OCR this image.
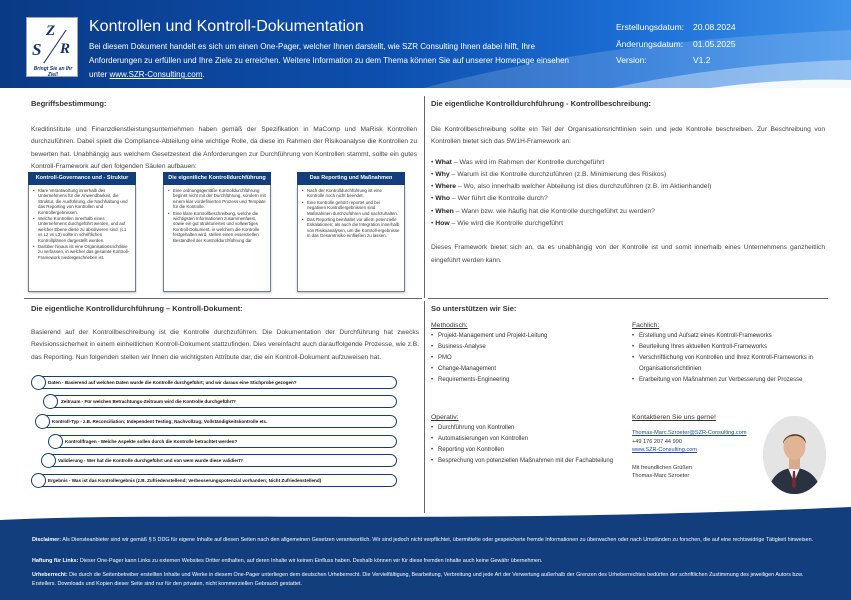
S
Z
R
Bringt Sie an Ihr Ziel!
Kontrollen und Kontroll-Dokumentation
Bei diesem Dokument handelt es sich um einen One-Pager, welcher Ihnen darstellt, wie SZR Consulting Ihnen dabei hilft, Ihre Anforderungen zu erfüllen und Ihre Ziele zu erreichen. Weitere Information zu dem Thema können Sie auf unserer Homepage einsehen unter www.SZR-Consulting.com.
Erstellungsdatum:	20.08.2024
Änderungsdatum:	01.05.2025
Version:	V1.2
Begriffsbestimmung:
Kreditinstitute und Finanzdienstleistungsunternehmen haben gemäß der Spezifikation in MaComp und MaRisk Kontrollen durchzuführen. Dabei spielt die Compliance-Abteilung eine wichtige Rolle, da diese im Rahmen der Risikoanalyse die Kontrollen zu bewerten hat. Unabhängig aus welchem Gesetzestext die Anforderungen zur Durchführung von Kontrollen stammt, sollte ein gutes Kontroll-Framework auf den folgenden Säulen aufbauen:
Kontroll-Governance und - Struktur
• Klare Verantwortung innerhalb des Unternehmens für die Anwendbarkeit, die Struktur, die Ausführung, die Nachhaltung und das Reporting von Kontrollen und Kontrollergebnissen.
• Welche Kontrollen innerhalb eines Unternehmens durchgeführt werden, und auf welcher Ebene diese zu absolvieren sind. (L1 vs L2 vs L3) sollte in schriftlichen Kontrollplänen dargestellt werden.
• Darüber hinaus ist eine Organisationsrichtlinie zu verfassen, in welcher das gesamte Kontroll-Framework niedergeschrieben ist.
Die eigentliche Kontrolldurchführung
• Eine ordnungsgemäße Kontrolldurchführung beginnt nicht mit der Durchführung, sondern mit einem klar vordefinierten Prozess und Template für die Kontrolle.
• Eine klare Kontrollbeschreibung, welche die wichtigsten Informationen zusammenfasst, sowie ein gut strukturiertes und vollwertiges Kontroll-Dokument, in welchem die Kontrolle festgehalten wird, stellen einen essenziellen Bestandteil der Kontrolldurchführung dar
Das Reporting und Maßnahmen
• Nach der Kontrolldurchführung ist eine Kontrolle noch nicht beendet.
• Eine Kontrolle gehört reportet und bei negativen Kontrollergebnissen sind Maßnahmen durchzuführen und nachzuhalten.
• Das Reporting beinhaltet vor allem potenzielle Eskalationen; als auch die Integration innerhalb von Risikoanalysen, um die Kontroll-ergebnisse in das Gesamtrisiko einfließen zu lassen.
Die eigentliche Kontrolldurchführung - Kontrollbeschreibung:
Die Kontrollbeschreibung sollte ein Teil der Organisationsrichtlinien sein und jede Kontrolle beschreiben. Zur Beschreibung von Kontrollen bietet sich das 5W1H-Framework an:
• What – Was wird im Rahmen der Kontrolle durchgeführt
• Why – Warum ist die Kontrolle durchzuführen (z.B. Minimierung des Risikos)
• Where – Wo, also innerhalb welcher Abteilung ist dies durchzuführen (z.B. im Aktienhandel)
• Who – Wer führt die Kontrolle durch?
• When – Wann bzw. wie häufig hat die Kontrolle durchgeführt zu werden?
• How – Wie wird die Kontrolle durchgeführt
Dieses Framework bietet sich an, da es unabhängig von der Kontrolle ist und somit innerhalb eines Unternehmens ganzheitlich eingeführt werden kann.
Die eigentliche Kontrolldurchführung – Kontroll-Dokument:
Basierend auf der Kontrollbeschreibung ist die Kontrolle durchzuführen. Die Dokumentation der Durchführung hat zwecks Revisionssicherheit in einem einheitlichen Kontroll-Dokument stattzufinden. Dies vereinfacht auch darauffolgende Prozesse, wie z.B. das Reporting. Nun folgenden stellen wir Ihnen die wichtigsten Attribute dar, die ein Kontroll-Dokument aufzuweisen hat.
Daten - Basierend auf welchen Daten wurde die Kontrolle durchgeführt; und wir daraus eine Stichprobe gezogen?
Zeitraum - Für welchen Betrachtungs-Zeitraum wird die Kontrolle durchgeführt?
Kontroll-Typ - z.B. Reconciliation; Independent Testing; Nachvollzug; Vollständigkeitskontrolle etc.
Kontrollfragen - Welche Aspekte sollen durch die Kontrolle betrachtet werden?
Validierung - Wer hat die Kontrolle durchgeführt und von wem wurde diese validiert?
Ergebnis - Was ist das Kontrollergebnis (z.B. Zufriedenstellend; Verbesserungspotenzial vorhanden; Nicht Zufriedenstellend)
So unterstützen wir Sie:
Methodisch:
• Projekt-Management und Projekt-Leitung
• Business-Analyse
• PMO
• Change-Management
• Requirements-Engineering
Fachlich:
• Erstellung und Aufsatz eines Kontroll-Frameworks
• Beurteilung Ihres aktuellen Kontroll-Frameworks
• Verschriftlichung von Kontrollen und Ihrez Kontroll-Frameworks in Organisationsrichtlinien
• Erarbeitung von Maßnahmen zur Verbesserung der Prozesse
Operativ:
• Durchführung von Kontrollen
• Automatisierungen von Kontrollen
• Reporting von Kontrollen
• Besprechung von potenziellen Maßnahmen mit der Fachabteilung
Kontaktieren Sie uns gerne!
Thomas-Marc.Szroeter@SZR-Consulting.com
+49 176 207 44 990
www.SZR-Consulting.com
Mit freundlichen Grüßen
Thomas-Marc Szroeter
Disclaimer: Als Diensteanbieter sind wir gemäß § 5 DDG für eigene Inhalte auf diesen Seiten nach den allgemeinen Gesetzen verantwortlich. Wir sind jedoch nicht verpflichtet, übermittelte oder gespeicherte fremde Informationen zu überwachen oder nach Umständen zu forschen, die auf eine rechtswidrige Tätigkeit hinweisen.
Haftung für Links: Dieser One-Pager kann Links zu externen Websites Dritter enthalten, auf deren Inhalte wir keinen Einfluss haben. Deshalb können wir für diese fremden Inhalte auch keine Gewähr übernehmen.
Urheberrecht: Die durch die Seitenbetreiber erstellten Inhalte und Werke in diesem One-Pager unterliegen dem deutschen Urheberrecht. Die Vervielfältigung, Bearbeitung, Verbreitung und jede Art der Verwertung außerhalb der Grenzen des Urheberrechtes bedürfen der schriftlichen Zustimmung des jeweiligen Autors bzw. Erstellers. Downloads und Kopien dieser Seite sind nur für den privaten, nicht kommerziellen Gebrauch gestattet.
